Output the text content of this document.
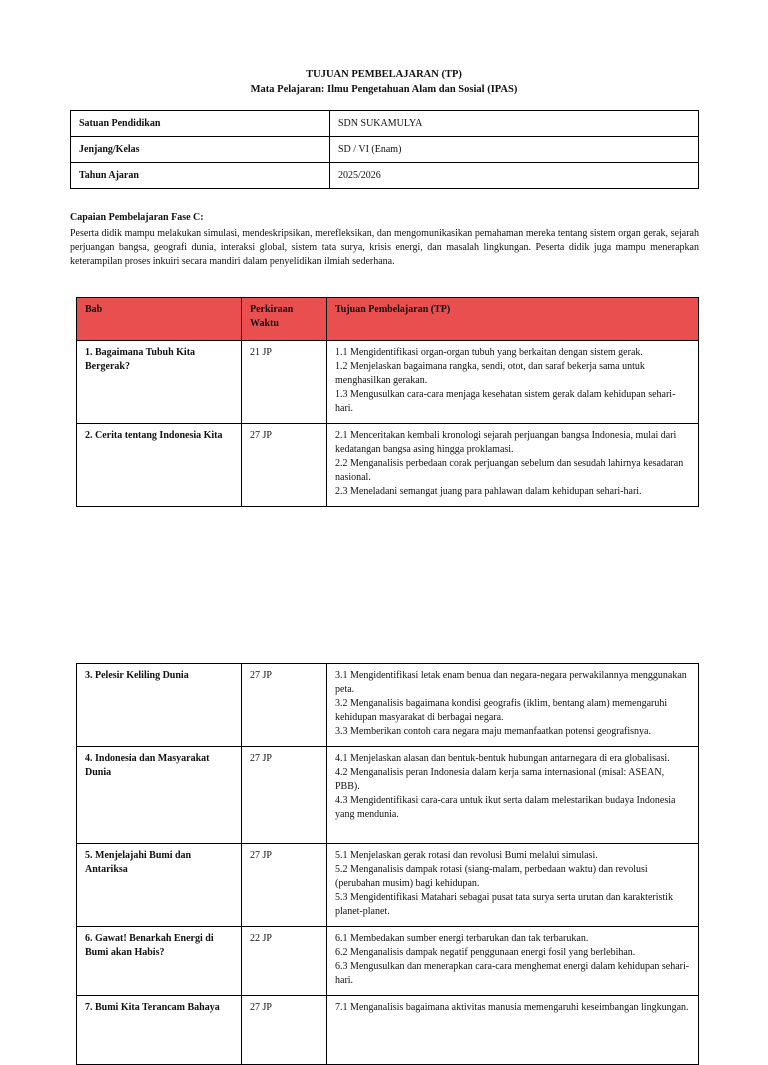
TUJUAN PEMBELAJARAN (TP)
Mata Pelajaran: Ilmu Pengetahuan Alam dan Sosial (IPAS)
Satuan Pendidikan	SDN SUKAMULYA
Jenjang/Kelas	SD / VI (Enam)
Tahun Ajaran	2025/2026
Capaian Pembelajaran Fase C:
Peserta didik mampu melakukan simulasi, mendeskripsikan, merefleksikan, dan mengomunikasikan pemahaman mereka tentang sistem organ gerak, sejarah perjuangan bangsa, geografi dunia, interaksi global, sistem tata surya, krisis energi, dan masalah lingkungan. Peserta didik juga mampu menerapkan keterampilan proses inkuiri secara mandiri dalam penyelidikan ilmiah sederhana.
Bab	Perkiraan Waktu	Tujuan Pembelajaran (TP)
1. Bagaimana Tubuh Kita Bergerak?	21 JP	1.1 Mengidentifikasi organ-organ tubuh yang berkaitan dengan sistem gerak.
1.2 Menjelaskan bagaimana rangka, sendi, otot, dan saraf bekerja sama untuk menghasilkan gerakan.
1.3 Mengusulkan cara-cara menjaga kesehatan sistem gerak dalam kehidupan sehari-hari.

2. Cerita tentang Indonesia Kita	27 JP	2.1 Menceritakan kembali kronologi sejarah perjuangan bangsa Indonesia, mulai dari kedatangan bangsa asing hingga proklamasi.
2.2 Menganalisis perbedaan corak perjuangan sebelum dan sesudah lahirnya kesadaran nasional.
2.3 Meneladani semangat juang para pahlawan dalam kehidupan sehari-hari.
3. Pelesir Keliling Dunia	27 JP	3.1 Mengidentifikasi letak enam benua dan negara-negara perwakilannya menggunakan peta.
3.2 Menganalisis bagaimana kondisi geografis (iklim, bentang alam) memengaruhi kehidupan masyarakat di berbagai negara.
3.3 Memberikan contoh cara negara maju memanfaatkan potensi geografisnya.

4. Indonesia dan Masyarakat Dunia	27 JP	4.1 Menjelaskan alasan dan bentuk-bentuk hubungan antarnegara di era globalisasi.
4.2 Menganalisis peran Indonesia dalam kerja sama internasional (misal: ASEAN, PBB).
4.3 Mengidentifikasi cara-cara untuk ikut serta dalam melestarikan budaya Indonesia yang mendunia.

5. Menjelajahi Bumi dan Antariksa	27 JP	5.1 Menjelaskan gerak rotasi dan revolusi Bumi melalui simulasi.
5.2 Menganalisis dampak rotasi (siang-malam, perbedaan waktu) dan revolusi (perubahan musim) bagi kehidupan.
5.3 Mengidentifikasi Matahari sebagai pusat tata surya serta urutan dan karakteristik planet-planet.

6. Gawat! Benarkah Energi di Bumi akan Habis?	22 JP	6.1 Membedakan sumber energi terbarukan dan tak terbarukan.
6.2 Menganalisis dampak negatif penggunaan energi fosil yang berlebihan.
6.3 Mengusulkan dan menerapkan cara-cara menghemat energi dalam kehidupan sehari-hari.

7. Bumi Kita Terancam Bahaya	27 JP	7.1 Menganalisis bagaimana aktivitas manusia memengaruhi keseimbangan lingkungan.
